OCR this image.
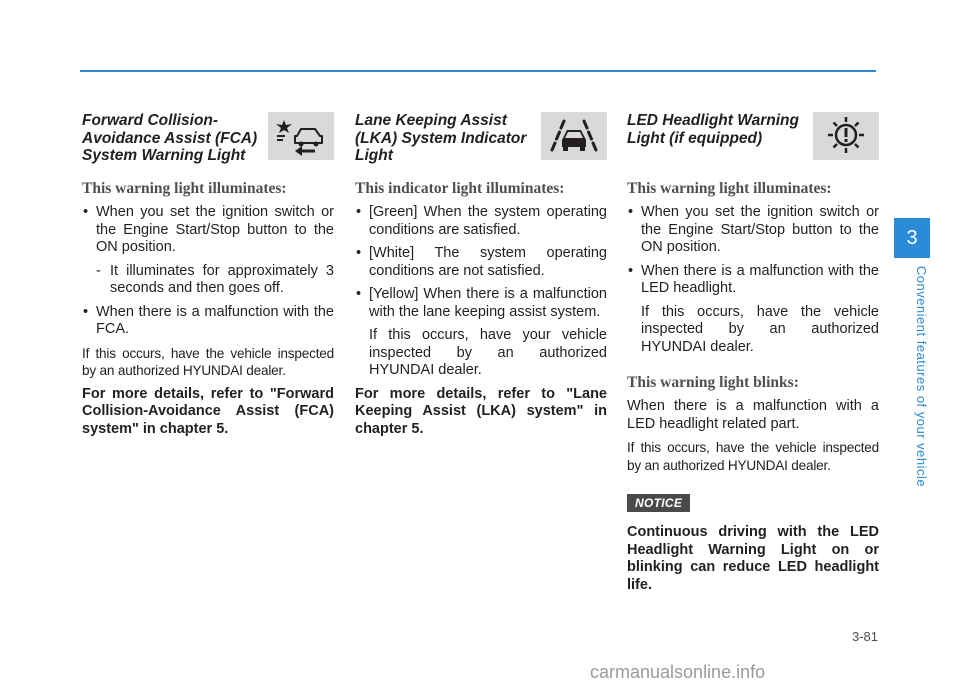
Forward Collision-
Avoidance Assist (FCA)
System Warning Light
This warning light illuminates:
• When you set the ignition switch or the Engine Start/Stop button to the ON position.
- It illuminates for approximately 3 seconds and then goes off.
• When there is a malfunction with the FCA.
If this occurs, have the vehicle inspected by an authorized HYUNDAI dealer.
For more details, refer to "Forward Collision-Avoidance Assist (FCA) system" in chapter 5.
Lane Keeping Assist
(LKA) System Indicator
Light
This indicator light illuminates:
• [Green] When the system operating conditions are satisfied.
• [White] The system operating conditions are not satisfied.
• [Yellow] When there is a malfunction with the lane keeping assist system.
If this occurs, have your vehicle inspected by an authorized HYUNDAI dealer.
For more details, refer to "Lane Keeping Assist (LKA) system" in chapter 5.
LED Headlight Warning
Light (if equipped)
This warning light illuminates:
• When you set the ignition switch or the Engine Start/Stop button to the ON position.
• When there is a malfunction with the LED headlight.
If this occurs, have the vehicle inspected by an authorized HYUNDAI dealer.
This warning light blinks:
When there is a malfunction with a LED headlight related part.
If this occurs, have the vehicle inspected by an authorized HYUNDAI dealer.
NOTICE
Continuous driving with the LED Headlight Warning Light on or blinking can reduce LED headlight life.
3
Convenient features of your vehicle
3-81
carmanualsonline.info
